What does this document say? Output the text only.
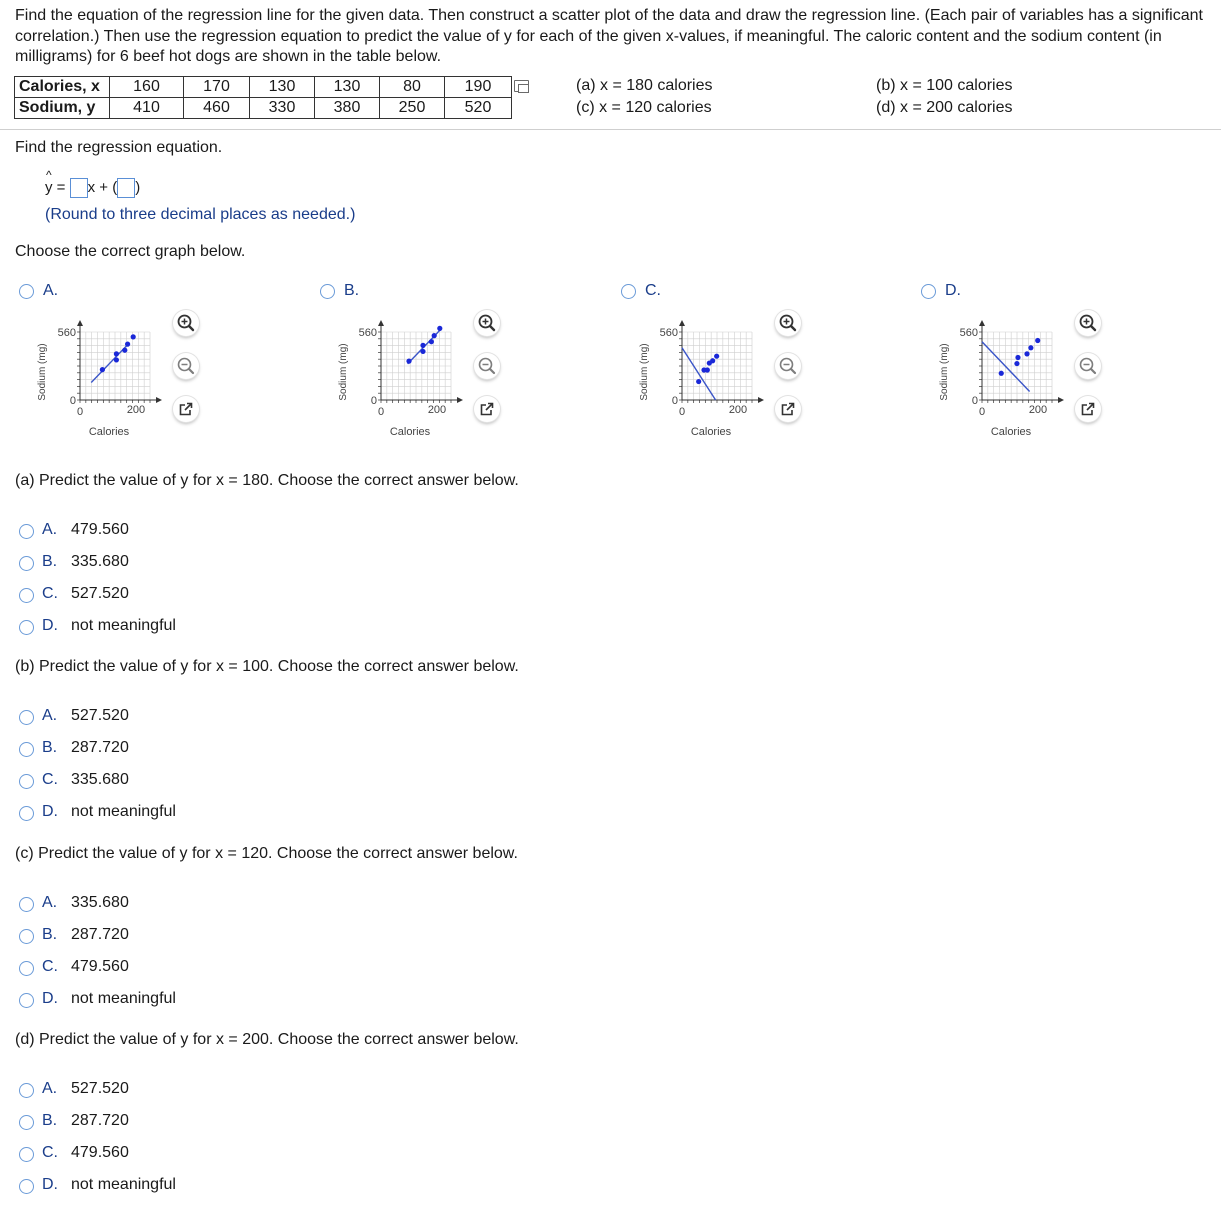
Find the equation of the regression line for the given data. Then construct a scatter plot of the data and draw the regression line. (Each pair of variables has a significant correlation.) Then use the regression equation to predict the value of y for each of the given x-values, if meaningful. The caloric content and the sodium content (in milligrams) for 6 beef hot dogs are shown in the table below.
Calories, x	160	170	130	130	80	190
Sodium, y	410	460	330	380	250	520
(a) x = 180 calories
(c) x = 120 calories
(b) x = 100 calories
(d) x = 200 calories
Find the regression equation.
^
y = x + ( )
(Round to three decimal places as needed.)
Choose the correct graph below.
A.
560
0
0	200
Calories
Sodium (mg)
B.
560
0
0	200
Calories
Sodium (mg)
C.
560
0
0	200
Calories
Sodium (mg)
D.
560
0
0	200
Calories
Sodium (mg)
(a) Predict the value of y for x = 180. Choose the correct answer below.
A. 479.560
B. 335.680
C. 527.520
D. not meaningful
(b) Predict the value of y for x = 100. Choose the correct answer below.
A. 527.520
B. 287.720
C. 335.680
D. not meaningful
(c) Predict the value of y for x = 120. Choose the correct answer below.
A. 335.680
B. 287.720
C. 479.560
D. not meaningful
(d) Predict the value of y for x = 200. Choose the correct answer below.
A. 527.520
B. 287.720
C. 479.560
D. not meaningful
